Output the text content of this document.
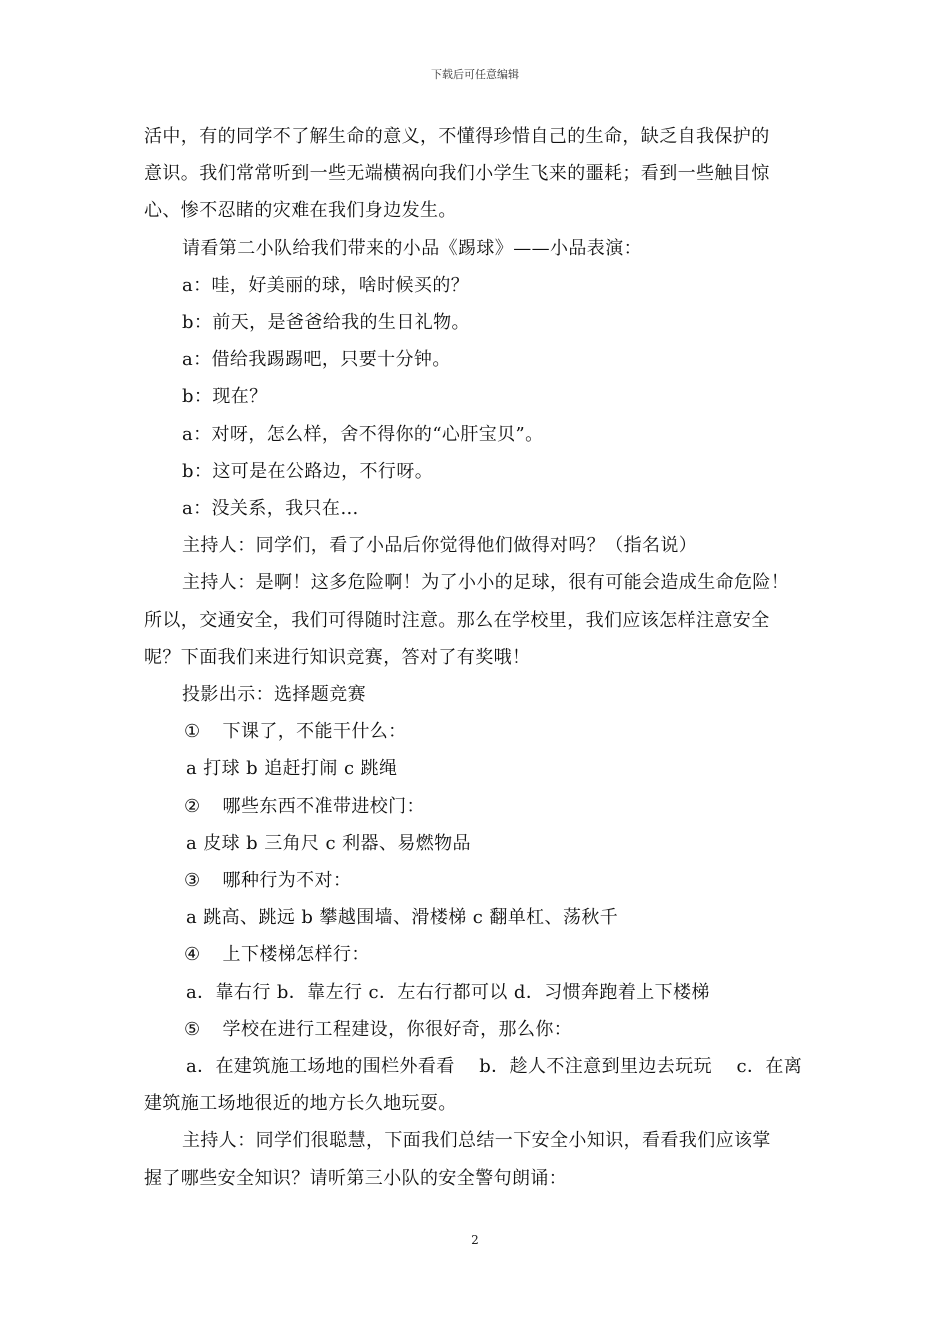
下载后可任意编辑

活中，有的同学不了解生命的意义，不懂得珍惜自己的生命，缺乏自我保护的

意识。我们常常听到一些无端横祸向我们小学生飞来的噩耗；看到一些触目惊

心、惨不忍睹的灾难在我们身边发生。

请看第二小队给我们带来的小品《踢球》——小品表演：

a：哇，好美丽的球，啥时候买的？

b：前天，是爸爸给我的生日礼物。

a：借给我踢踢吧，只要十分钟。

b：现在？

a：对呀，怎么样，舍不得你的“心肝宝贝”。

b：这可是在公路边，不行呀。

a：没关系，我只在…

主持人：同学们，看了小品后你觉得他们做得对吗？（指名说）

主持人：是啊！这多危险啊！为了小小的足球，很有可能会造成生命危险！

所以，交通安全，我们可得随时注意。那么在学校里，我们应该怎样注意安全

呢？下面我们来进行知识竞赛，答对了有奖哦！

投影出示：选择题竞赛

① 下课了，不能干什么：

a 打球 b 追赶打闹 c 跳绳

② 哪些东西不准带进校门：

a 皮球 b 三角尺 c 利器、易燃物品

③ 哪种行为不对：

a 跳高、跳远 b 攀越围墙、滑楼梯 c 翻单杠、荡秋千

④ 上下楼梯怎样行：

a．靠右行 b．靠左行 c．左右行都可以 d．习惯奔跑着上下楼梯

⑤ 学校在进行工程建设，你很好奇，那么你：

a．在建筑施工场地的围栏外看看　 b．趁人不注意到里边去玩玩　 c．在离

建筑施工场地很近的地方长久地玩耍。

主持人：同学们很聪慧，下面我们总结一下安全小知识，看看我们应该掌

握了哪些安全知识？请听第三小队的安全警句朗诵：

2
